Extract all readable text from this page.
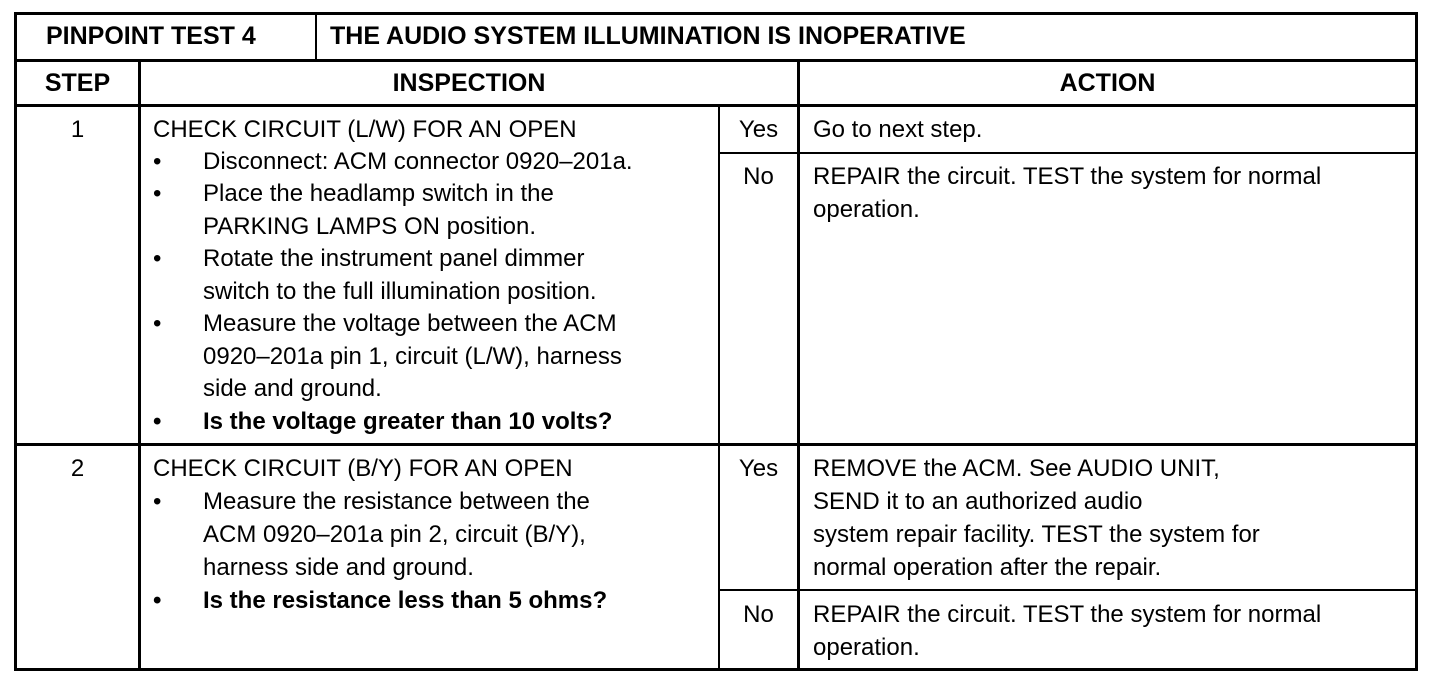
PINPOINT TEST 4	THE AUDIO SYSTEM ILLUMINATION IS INOPERATIVE
STEP	INSPECTION	ACTION
1	CHECK CIRCUIT (L/W) FOR AN OPEN
•	Disconnect: ACM connector 0920–201a.
•	Place the headlamp switch in the
PARKING LAMPS ON position.
•	Rotate the instrument panel dimmer
switch to the full illumination position.
•	Measure the voltage between the ACM
0920–201a pin 1, circuit (L/W), harness
side and ground.
•	Is the voltage greater than 10 volts?
Yes	Go to next step.
No	REPAIR the circuit. TEST the system for normal
operation.
2	CHECK CIRCUIT (B/Y) FOR AN OPEN
•	Measure the resistance between the
ACM 0920–201a pin 2, circuit (B/Y),
harness side and ground.
•	Is the resistance less than 5 ohms?
Yes	REMOVE the ACM. See AUDIO UNIT,
SEND it to an authorized audio
system repair facility. TEST the system for
normal operation after the repair.
No	REPAIR the circuit. TEST the system for normal
operation.
